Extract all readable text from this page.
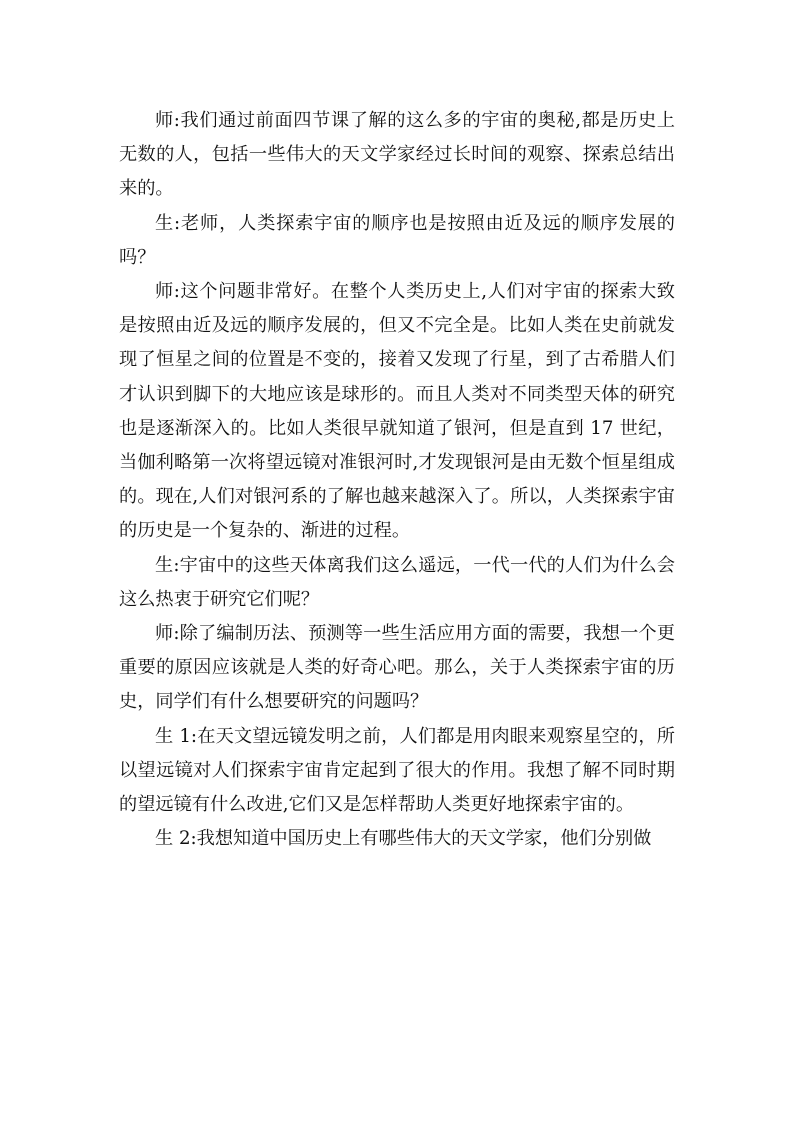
师:我们通过前面四节课了解的这么多的宇宙的奥秘,都是历史上无数的人，包括一些伟大的天文学家经过长时间的观察、探索总结出来的。

生:老师，人类探索宇宙的顺序也是按照由近及远的顺序发展的吗？

师:这个问题非常好。在整个人类历史上,人们对宇宙的探索大致是按照由近及远的顺序发展的，但又不完全是。比如人类在史前就发现了恒星之间的位置是不变的，接着又发现了行星，到了古希腊人们才认识到脚下的大地应该是球形的。而且人类对不同类型天体的研究也是逐渐深入的。比如人类很早就知道了银河，但是直到 17 世纪，当伽利略第一次将望远镜对准银河时,才发现银河是由无数个恒星组成的。现在,人们对银河系的了解也越来越深入了。所以，人类探索宇宙的历史是一个复杂的、渐进的过程。

生:宇宙中的这些天体离我们这么遥远，一代一代的人们为什么会这么热衷于研究它们呢？

师:除了编制历法、预测等一些生活应用方面的需要，我想一个更重要的原因应该就是人类的好奇心吧。那么，关于人类探索宇宙的历史，同学们有什么想要研究的问题吗？

生 1:在天文望远镜发明之前，人们都是用肉眼来观察星空的，所以望远镜对人们探索宇宙肯定起到了很大的作用。我想了解不同时期的望远镜有什么改进,它们又是怎样帮助人类更好地探索宇宙的。

生 2:我想知道中国历史上有哪些伟大的天文学家，他们分别做
